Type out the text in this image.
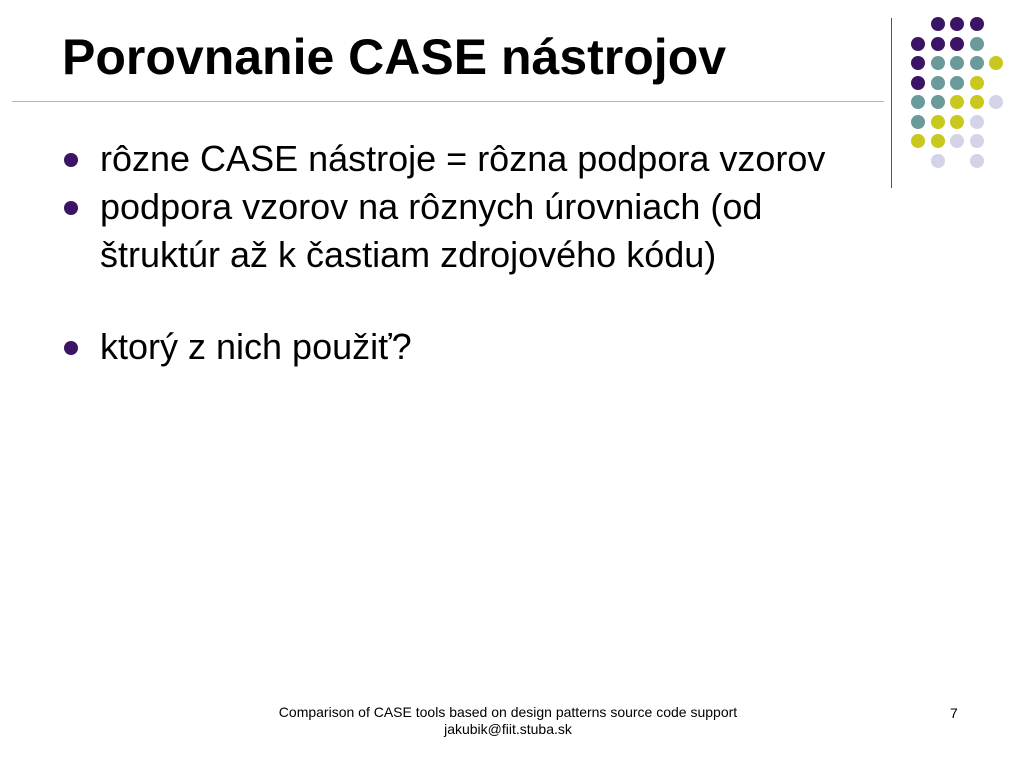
Porovnanie CASE nástrojov
rôzne CASE nástroje = rôzna podpora vzorov
podpora vzorov na rôznych úrovniach (od štruktúr až k častiam zdrojového kódu)
ktorý z nich použiť?
Comparison of CASE tools based on design patterns source code support
jakubik@fiit.stuba.sk
7
